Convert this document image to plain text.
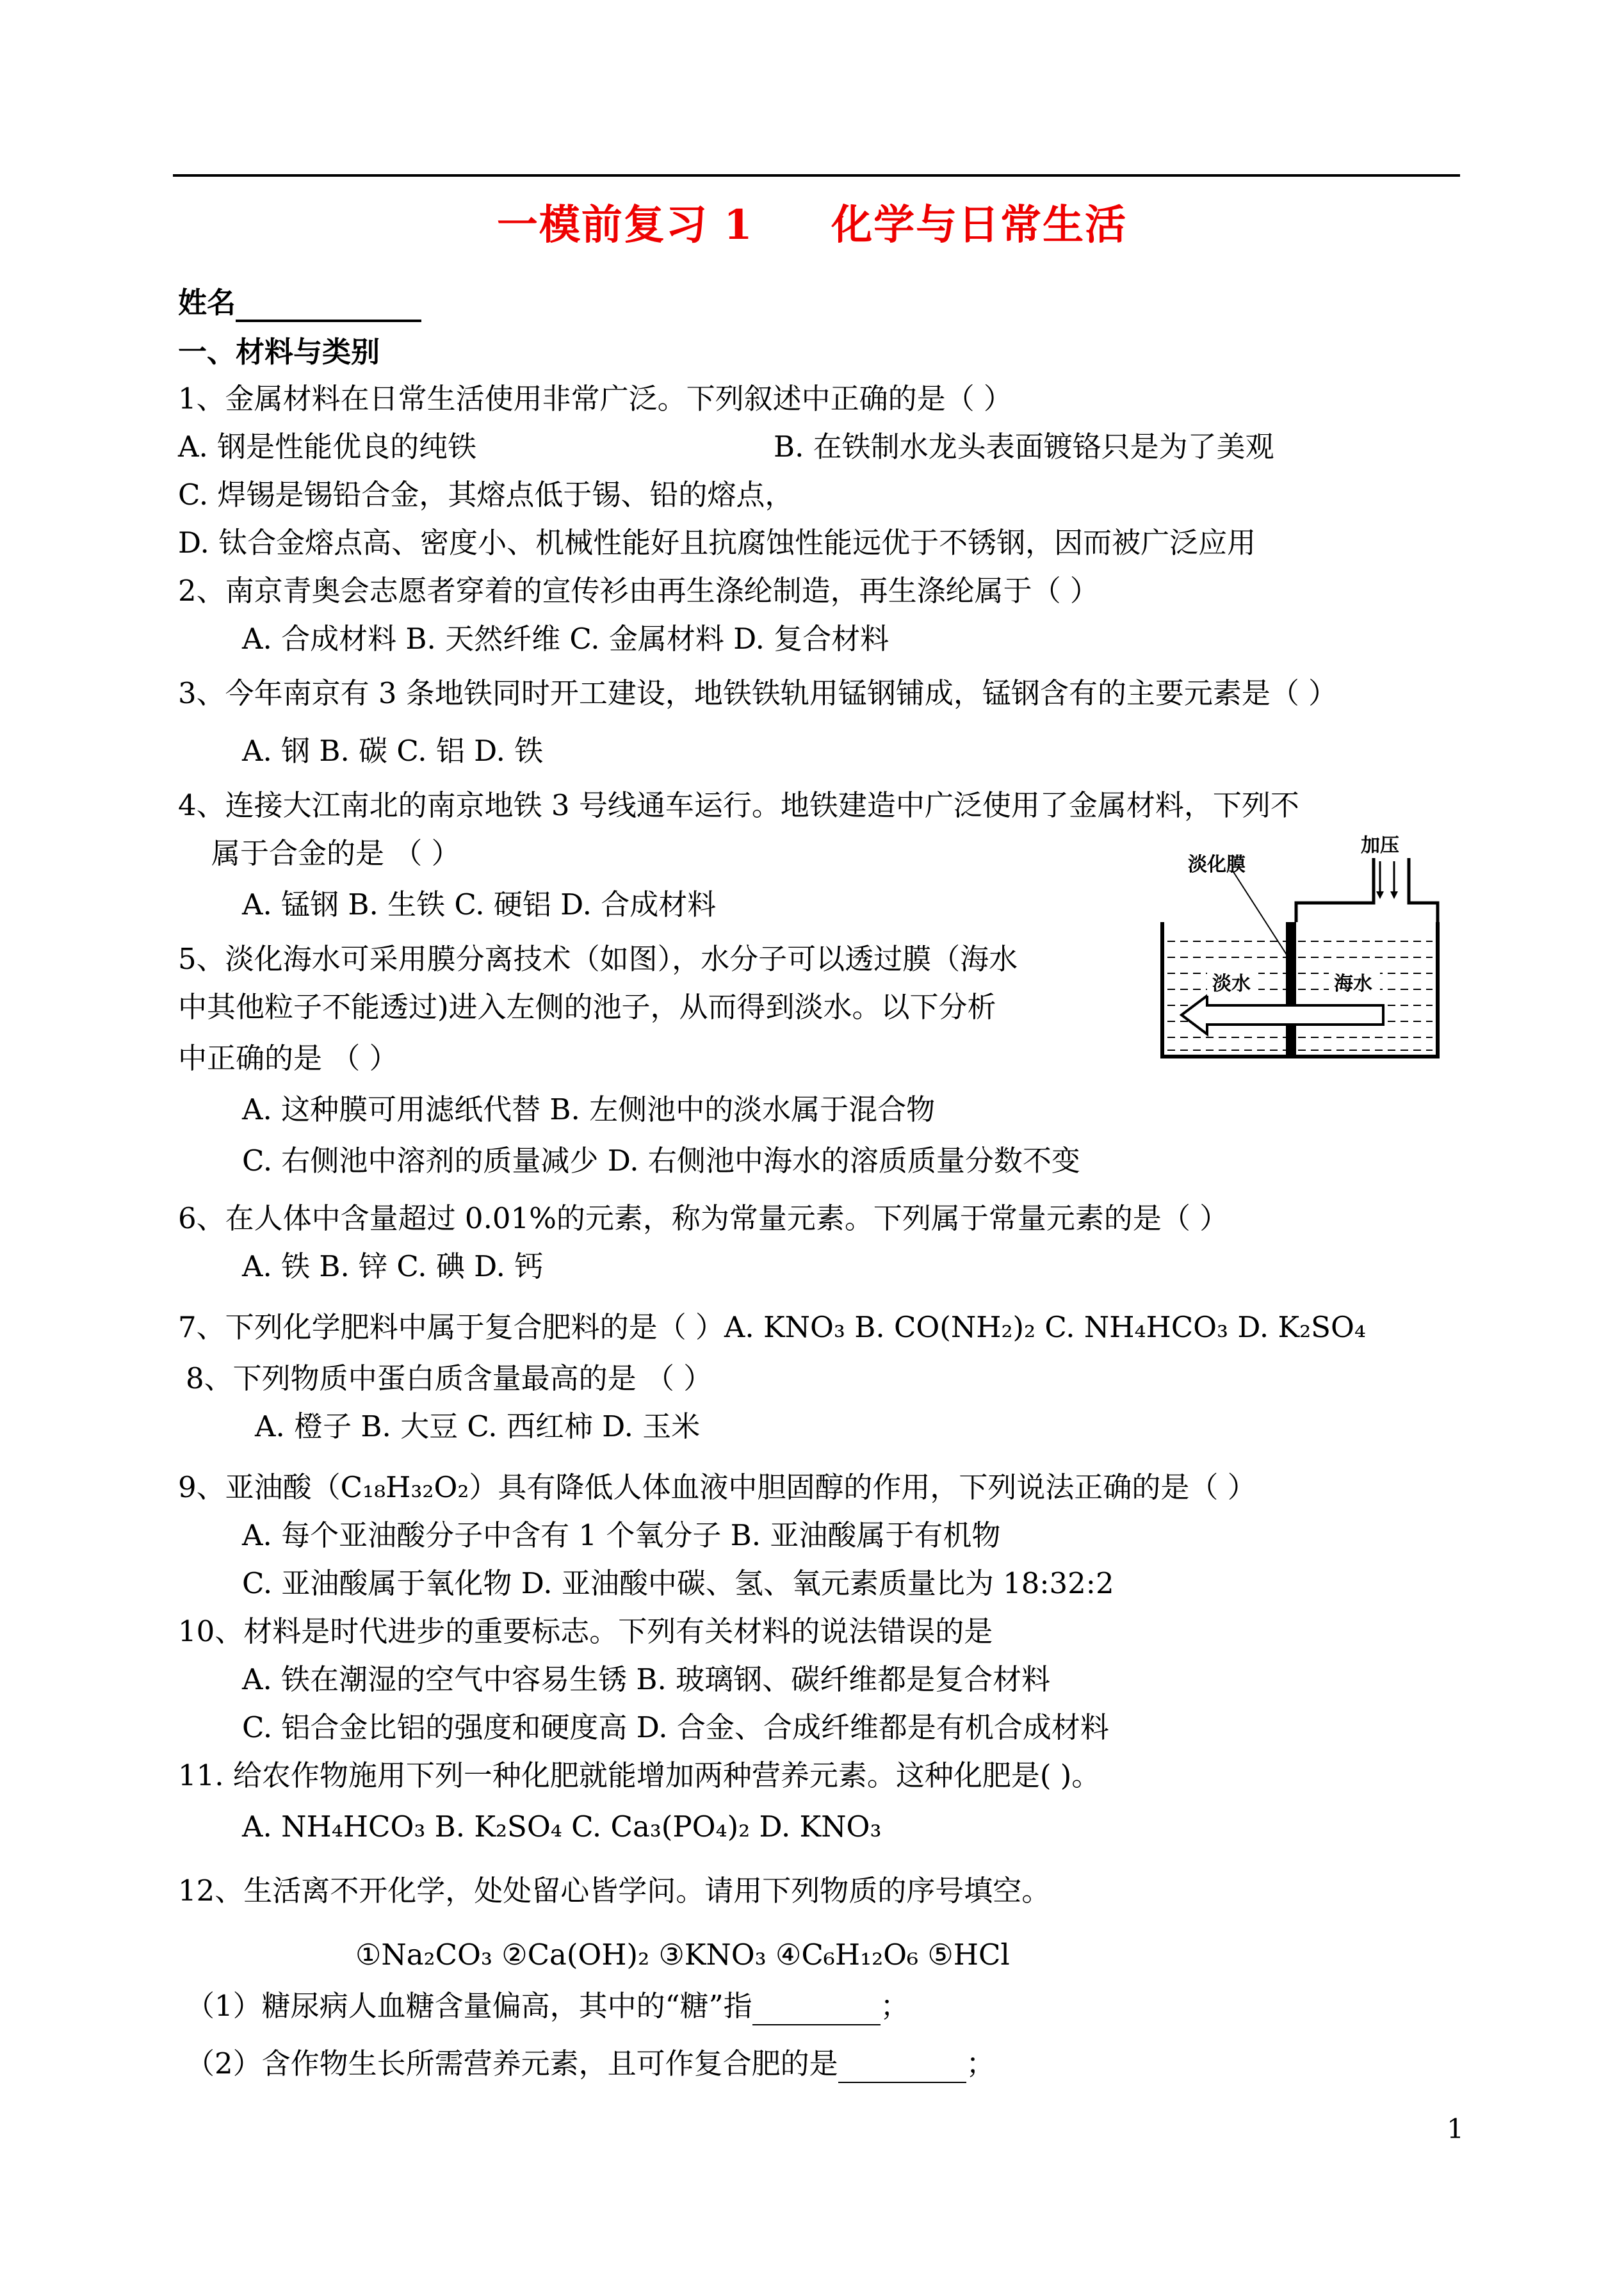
一模前复习 1     化学与日常生活
姓名
一、材料与类别
1、金属材料在日常生活使用非常广泛。下列叙述中正确的是（ ）
A. 钢是性能优良的纯铁	B. 在铁制水龙头表面镀铬只是为了美观
C. 焊锡是锡铅合金，其熔点低于锡、铅的熔点，
D. 钛合金熔点高、密度小、机械性能好且抗腐蚀性能远优于不锈钢，因而被广泛应用
2、南京青奥会志愿者穿着的宣传衫由再生涤纶制造，再生涤纶属于（ ）
A. 合成材料 B. 天然纤维 C. 金属材料 D. 复合材料
3、今年南京有 3 条地铁同时开工建设，地铁铁轨用锰钢铺成，锰钢含有的主要元素是（ ）
A. 钢 B. 碳 C. 铝 D. 铁
4、连接大江南北的南京地铁 3 号线通车运行。地铁建造中广泛使用了金属材料，下列不
属于合金的是 （ ）
A. 锰钢 B. 生铁 C. 硬铝 D. 合成材料
5、淡化海水可采用膜分离技术（如图），水分子可以透过膜（海水
中其他粒子不能透过)进入左侧的池子，从而得到淡水。以下分析
中正确的是 （ ）
A. 这种膜可用滤纸代替 B. 左侧池中的淡水属于混合物
C. 右侧池中溶剂的质量减少 D. 右侧池中海水的溶质质量分数不变
加压
淡化膜
淡水	海水
6、在人体中含量超过 0.01%的元素，称为常量元素。下列属于常量元素的是（ ）
A. 铁 B. 锌 C. 碘 D. 钙
7、下列化学肥料中属于复合肥料的是（ ）A. KNO₃ B. CO(NH₂)₂ C. NH₄HCO₃ D. K₂SO₄
8、下列物质中蛋白质含量最高的是 （ ）
A. 橙子 B. 大豆 C. 西红柿 D. 玉米
9、亚油酸（C₁₈H₃₂O₂）具有降低人体血液中胆固醇的作用，下列说法正确的是（ ）
A. 每个亚油酸分子中含有 1 个氧分子 B. 亚油酸属于有机物
C. 亚油酸属于氧化物 D. 亚油酸中碳、氢、氧元素质量比为 18:32:2
10、材料是时代进步的重要标志。下列有关材料的说法错误的是
A. 铁在潮湿的空气中容易生锈 B. 玻璃钢、碳纤维都是复合材料
C. 铝合金比铝的强度和硬度高 D. 合金、合成纤维都是有机合成材料
11. 给农作物施用下列一种化肥就能增加两种营养元素。这种化肥是( )。
A. NH₄HCO₃ B. K₂SO₄ C. Ca₃(PO₄)₂ D. KNO₃
12、生活离不开化学，处处留心皆学问。请用下列物质的序号填空。
①Na₂CO₃ ②Ca(OH)₂ ③KNO₃ ④C₆H₁₂O₆ ⑤HCl
（1）糖尿病人血糖含量偏高，其中的“糖”指	；
（2）含作物生长所需营养元素，且可作复合肥的是	；
1
